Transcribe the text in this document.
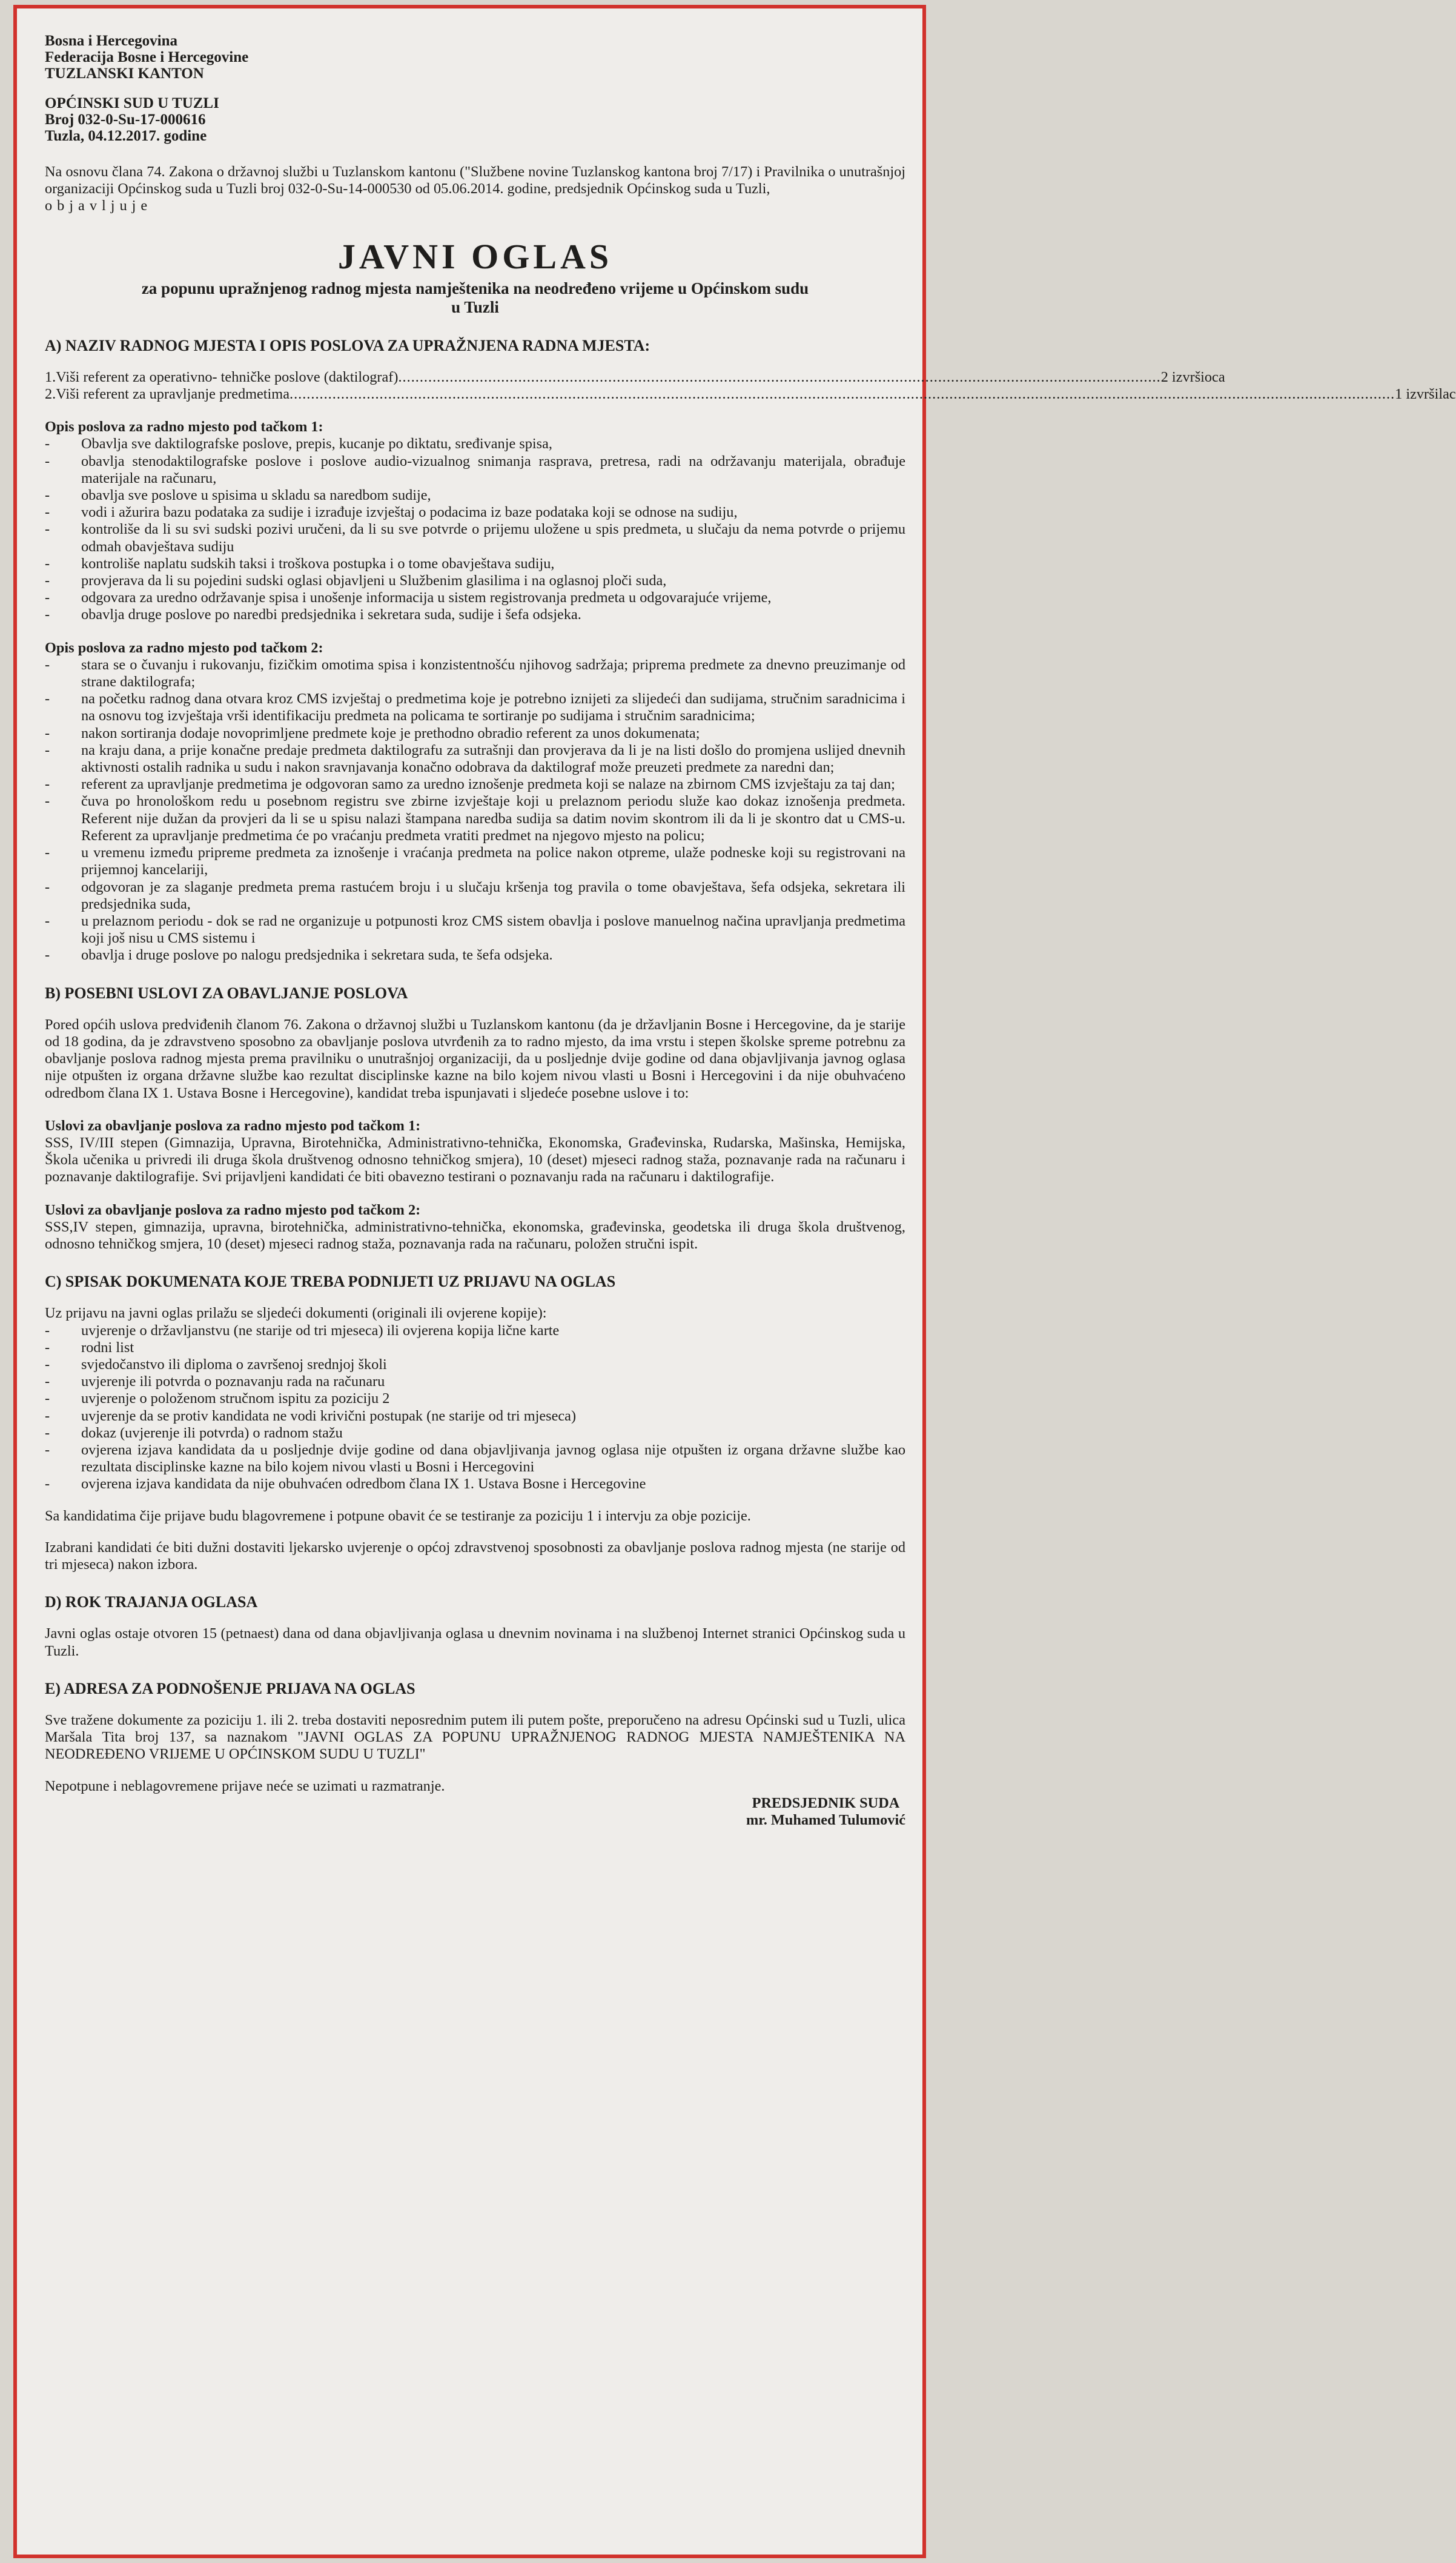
Bosna i Hercegovina
Federacija Bosne i Hercegovine
TUZLANSKI KANTON
OPĆINSKI SUD U TUZLI
Broj 032-0-Su-17-000616
Tuzla, 04.12.2017. godine
Na osnovu člana 74. Zakona o državnoj službi u Tuzlanskom kantonu ("Službene novine Tuzlanskog kantona broj 7/17) i Pravilnika o unutrašnjoj organizaciji Općinskog suda u Tuzli broj 032-0-Su-14-000530 od 05.06.2014. godine, predsjednik Općinskog suda u Tuzli,
objavljuje
JAVNI OGLAS
za popunu upražnjenog radnog mjesta namještenika na neodređeno vrijeme u Općinskom sudu u Tuzli
A) NAZIV RADNOG MJESTA I OPIS POSLOVA ZA UPRAŽNJENA RADNA MJESTA:
1. Viši referent za operativno- tehničke poslove (daktilograf) .................................................................................................................................................................................. 2 izvršioca
2. Viši referent za upravljanje predmetima .................................................................................................................................................................................................................................................................. 1 izvršilac
Opis poslova za radno mjesto pod tačkom 1:
- Obavlja sve daktilografske poslove, prepis, kucanje po diktatu, sređivanje spisa,
- obavlja stenodaktilografske poslove i poslove audio-vizualnog snimanja rasprava, pretresa, radi na održavanju materijala, obrađuje materijale na računaru,
- obavlja sve poslove u spisima u skladu sa naredbom sudije,
- vodi i ažurira bazu podataka za sudije i izrađuje izvještaj o podacima iz baze podataka koji se odnose na sudiju,
- kontroliše da li su svi sudski pozivi uručeni, da li su sve potvrde o prijemu uložene u spis predmeta, u slučaju da nema potvrde o prijemu odmah obavještava sudiju
- kontroliše naplatu sudskih taksi i troškova postupka i o tome obavještava sudiju,
- provjerava da li su pojedini sudski oglasi objavljeni u Službenim glasilima i na oglasnoj ploči suda,
- odgovara za uredno održavanje spisa i unošenje informacija u sistem registrovanja predmeta u odgovarajuće vrijeme,
- obavlja druge poslove po naredbi predsjednika i sekretara suda, sudije i šefa odsjeka.
Opis poslova za radno mjesto pod tačkom 2:
- stara se o čuvanju i rukovanju, fizičkim omotima spisa i konzistentnošću njihovog sadržaja; priprema predmete za dnevno preuzimanje od strane daktilografa;
- na početku radnog dana otvara kroz CMS izvještaj o predmetima koje je potrebno iznijeti za slijedeći dan sudijama, stručnim saradnicima i na osnovu tog izvještaja vrši identifikaciju predmeta na policama te sortiranje po sudijama i stručnim saradnicima;
- nakon sortiranja dodaje novoprimljene predmete koje je prethodno obradio referent za unos dokumenata;
- na kraju dana, a prije konačne predaje predmeta daktilografu za sutrašnji dan provjerava da li je na listi došlo do promjena uslijed dnevnih aktivnosti ostalih radnika u sudu i nakon sravnjavanja konačno odobrava da daktilograf može preuzeti predmete za naredni dan;
- referent za upravljanje predmetima je odgovoran samo za uredno iznošenje predmeta koji se nalaze na zbirnom CMS izvještaju za taj dan;
- čuva po hronološkom redu u posebnom registru sve zbirne izvještaje koji u prelaznom periodu služe kao dokaz iznošenja predmeta. Referent nije dužan da provjeri da li se u spisu nalazi štampana naredba sudija sa datim novim skontrom ili da li je skontro dat u CMS-u. Referent za upravljanje predmetima će po vraćanju predmeta vratiti predmet na njegovo mjesto na policu;
- u vremenu između pripreme predmeta za iznošenje i vraćanja predmeta na police nakon otpreme, ulaže podneske koji su registrovani na prijemnoj kancelariji,
- odgovoran je za slaganje predmeta prema rastućem broju i u slučaju kršenja tog pravila o tome obavještava, šefa odsjeka, sekretara ili predsjednika suda,
- u prelaznom periodu - dok se rad ne organizuje u potpunosti kroz CMS sistem obavlja i poslove manuelnog načina upravljanja predmetima koji još nisu u CMS sistemu i
- obavlja i druge poslove po nalogu predsjednika i sekretara suda, te šefa odsjeka.
B) POSEBNI USLOVI ZA OBAVLJANJE POSLOVA
Pored općih uslova predviđenih članom 76. Zakona o državnoj službi u Tuzlanskom kantonu (da je državljanin Bosne i Hercegovine, da je starije od 18 godina, da je zdravstveno sposobno za obavljanje poslova utvrđenih za to radno mjesto, da ima vrstu i stepen školske spreme potrebnu za obavljanje poslova radnog mjesta prema pravilniku o unutrašnjoj organizaciji, da u posljednje dvije godine od dana objavljivanja javnog oglasa nije otpušten iz organa državne službe kao rezultat disciplinske kazne na bilo kojem nivou vlasti u Bosni i Hercegovini i da nije obuhvaćeno odredbom člana IX 1. Ustava Bosne i Hercegovine), kandidat treba ispunjavati i sljedeće posebne uslove i to:
Uslovi za obavljanje poslova za radno mjesto pod tačkom 1:
SSS, IV/III stepen (Gimnazija, Upravna, Birotehnička, Administrativno-tehnička, Ekonomska, Građevinska, Rudarska, Mašinska, Hemijska, Škola učenika u privredi ili druga škola društvenog odnosno tehničkog smjera), 10 (deset) mjeseci radnog staža, poznavanje rada na računaru i poznavanje daktilografije. Svi prijavljeni kandidati će biti obavezno testirani o poznavanju rada na računaru i daktilografije.
Uslovi za obavljanje poslova za radno mjesto pod tačkom 2:
SSS,IV stepen, gimnazija, upravna, birotehnička, administrativno-tehnička, ekonomska, građevinska, geodetska ili druga škola društvenog, odnosno tehničkog smjera, 10 (deset) mjeseci radnog staža, poznavanja rada na računaru, položen stručni ispit.
C) SPISAK DOKUMENATA KOJE TREBA PODNIJETI UZ PRIJAVU NA OGLAS
Uz prijavu na javni oglas prilažu se sljedeći dokumenti (originali ili ovjerene kopije):
- uvjerenje o državljanstvu (ne starije od tri mjeseca) ili ovjerena kopija lične karte
- rodni list
- svjedočanstvo ili diploma o završenoj srednjoj školi
- uvjerenje ili potvrda o poznavanju rada na računaru
- uvjerenje o položenom stručnom ispitu za poziciju 2
- uvjerenje da se protiv kandidata ne vodi krivični postupak (ne starije od tri mjeseca)
- dokaz (uvjerenje ili potvrda) o radnom stažu
- ovjerena izjava kandidata da u posljednje dvije godine od dana objavljivanja javnog oglasa nije otpušten iz organa državne službe kao rezultata disciplinske kazne na bilo kojem nivou vlasti u Bosni i Hercegovini
- ovjerena izjava kandidata da nije obuhvaćen odredbom člana IX 1. Ustava Bosne i Hercegovine
Sa kandidatima čije prijave budu blagovremene i potpune obavit će se testiranje za poziciju 1 i intervju za obje pozicije.
Izabrani kandidati će biti dužni dostaviti ljekarsko uvjerenje o općoj zdravstvenoj sposobnosti za obavljanje poslova radnog mjesta (ne starije od tri mjeseca) nakon izbora.
D) ROK TRAJANJA OGLASA
Javni oglas ostaje otvoren 15 (petnaest) dana od dana objavljivanja oglasa u dnevnim novinama i na službenoj Internet stranici Općinskog suda u Tuzli.
E) ADRESA ZA PODNOŠENJE PRIJAVA NA OGLAS
Sve tražene dokumente za poziciju 1. ili 2. treba dostaviti neposrednim putem ili putem pošte, preporučeno na adresu Općinski sud u Tuzli, ulica Maršala Tita broj 137, sa naznakom "JAVNI OGLAS ZA POPUNU UPRAŽNJENOG RADNOG MJESTA NAMJEŠTENIKA NA NEODREĐENO VRIJEME U OPĆINSKOM SUDU U TUZLI"
Nepotpune i neblagovremene prijave neće se uzimati u razmatranje.
PREDSJEDNIK SUDA
mr. Muhamed Tulumović
